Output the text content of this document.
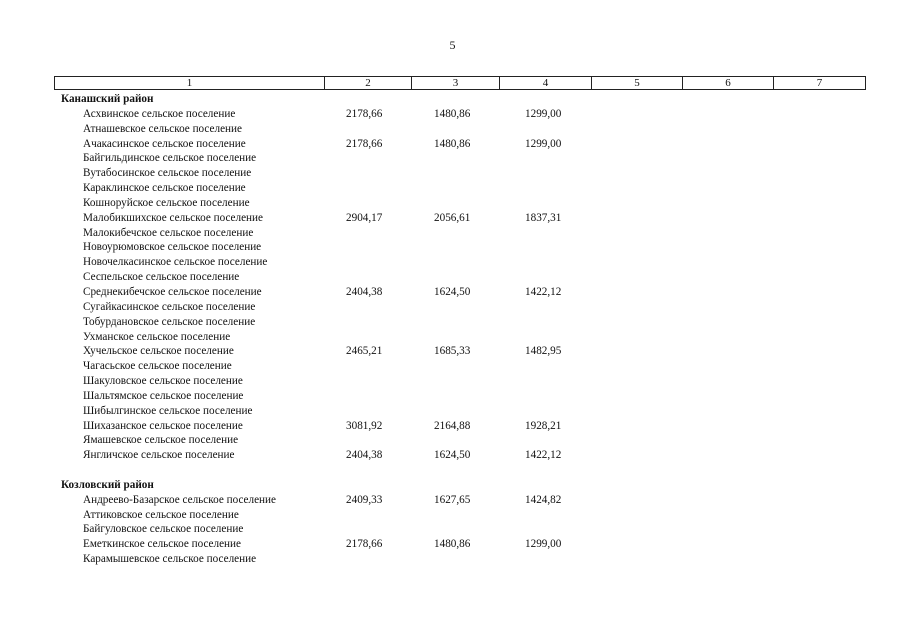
5
1	2	3	4	5	6	7
Канашский район
Асхвинское сельское поселение	2178,66	1480,86	1299,00
Атнашевское сельское поселение
Ачакасинское сельское поселение	2178,66	1480,86	1299,00
Байгильдинское сельское поселение
Вутабосинское сельское поселение
Караклинское сельское поселение
Кошноруйское сельское поселение
Малобикшихское сельское поселение	2904,17	2056,61	1837,31
Малокибечское сельское поселение
Новоурюмовское сельское поселение
Новочелкасинское сельское поселение
Сеспельское сельское поселение
Среднекибечское сельское поселение	2404,38	1624,50	1422,12
Сугайкасинское сельское поселение
Тобурдановское сельское поселение
Ухманское сельское поселение
Хучельское сельское поселение	2465,21	1685,33	1482,95
Чагасьское сельское поселение
Шакуловское сельское поселение
Шальтямское сельское поселение
Шибылгинское сельское поселение
Шихазанское сельское поселение	3081,92	2164,88	1928,21
Ямашевское сельское поселение
Янгличское сельское поселение	2404,38	1624,50	1422,12
Козловский район
Андреево-Базарское сельское поселение	2409,33	1627,65	1424,82
Аттиковское сельское поселение
Байгуловское сельское поселение
Еметкинское сельское поселение	2178,66	1480,86	1299,00
Карамышевское сельское поселение
